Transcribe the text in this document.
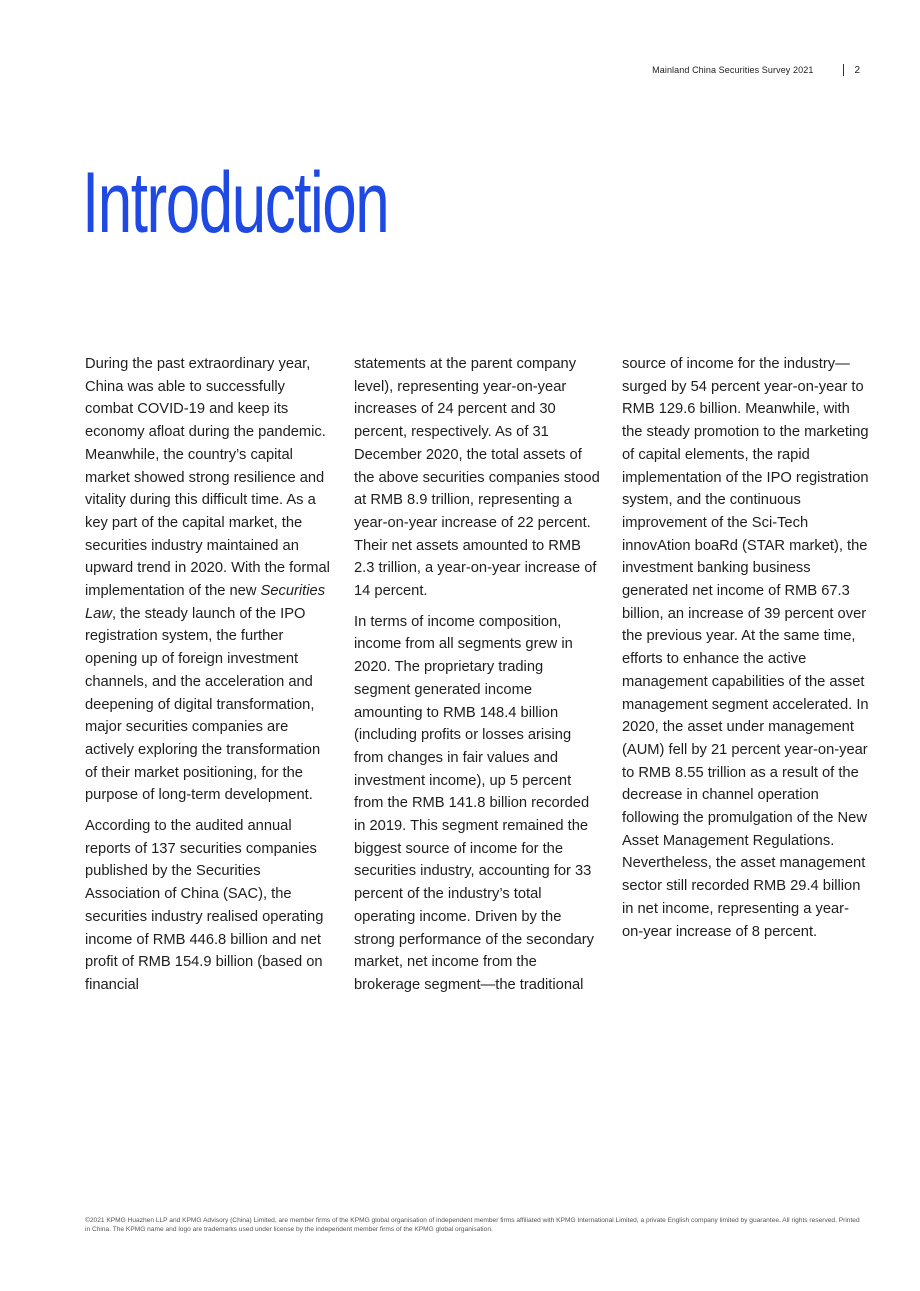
Mainland China Securities Survey 2021	2
Introduction

During the past extraordinary year, China was able to successfully combat COVID-19 and keep its economy afloat during the pandemic. Meanwhile, the country’s capital market showed strong resilience and vitality during this difficult time. As a key part of the capital market, the securities industry maintained an upward trend in 2020. With the formal implementation of the new Securities Law, the steady launch of the IPO registration system, the further opening up of foreign investment channels, and the acceleration and deepening of digital transformation, major securities companies are actively exploring the transformation of their market positioning, for the purpose of long-term development.

According to the audited annual reports of 137 securities companies published by the Securities Association of China (SAC), the securities industry realised operating income of RMB 446.8 billion and net profit of RMB 154.9 billion (based on financial

statements at the parent company level), representing year-on-year increases of 24 percent and 30 percent, respectively. As of 31 December 2020, the total assets of the above securities companies stood at RMB 8.9 trillion, representing a year-on-year increase of 22 percent. Their net assets amounted to RMB 2.3 trillion, a year-on-year increase of 14 percent.

In terms of income composition, income from all segments grew in 2020. The proprietary trading segment generated income amounting to RMB 148.4 billion (including profits or losses arising from changes in fair values and investment income), up 5 percent from the RMB 141.8 billion recorded in 2019. This segment remained the biggest source of income for the securities industry, accounting for 33 percent of the industry’s total operating income. Driven by the strong performance of the secondary market, net income from the brokerage segment—the traditional

source of income for the industry—surged by 54 percent year-on-year to RMB 129.6 billion. Meanwhile, with the steady promotion to the marketing of capital elements, the rapid implementation of the IPO registration system, and the continuous improvement of the Sci-Tech innovAtion boaRd (STAR market), the investment banking business generated net income of RMB 67.3 billion, an increase of 39 percent over the previous year. At the same time, efforts to enhance the active management capabilities of the asset management segment accelerated. In 2020, the asset under management (AUM) fell by 21 percent year-on-year to RMB 8.55 trillion as a result of the decrease in channel operation following the promulgation of the New Asset Management Regulations. Nevertheless, the asset management sector still recorded RMB 29.4 billion in net income, representing a year-on-year increase of 8 percent.

©2021 KPMG Huazhen LLP and KPMG Advisory (China) Limited, are member firms of the KPMG global organisation of independent member firms affiliated with KPMG International Limited, a private English company limited by guarantee. All rights reserved. Printed in China. The KPMG name and logo are trademarks used under license by the independent member firms of the KPMG global organisation.
